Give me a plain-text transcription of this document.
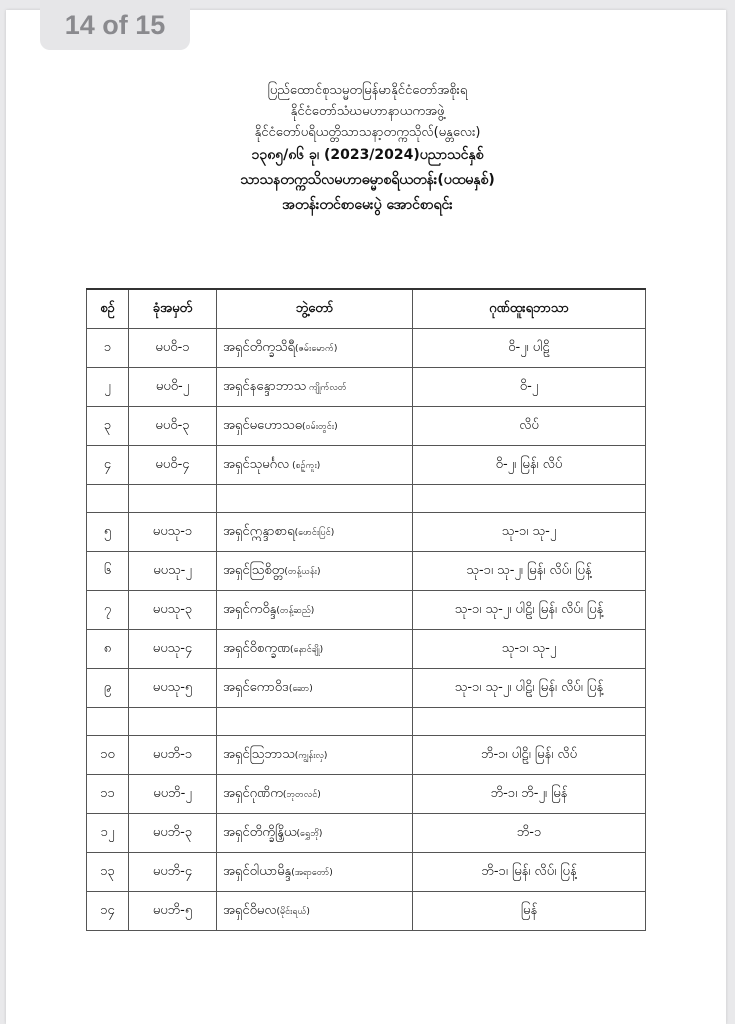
14 of 15
ပြည်ထောင်စုသမ္မတမြန်မာနိုင်ငံတော်အစိုးရ
နိုင်ငံတော်သံဃမဟာနာယကအဖွဲ့
နိုင်ငံတော်ပရိယတ္တိသာသနာ့တက္ကသိုလ်(မန္တလေး)
၁၃၈၅/၈၆ ခု၊ (2023/2024)ပညာသင်နှစ်
သာသနတက္ကသိလမဟာဓမ္မာစရိယတန်း(ပထမနှစ်)
အတန်းတင်စာမေးပွဲ အောင်စာရင်း
စဉ်	ခုံအမှတ်	ဘွဲ့တော်	ဂုဏ်ထူးရဘာသာ
၁	မပဝိ-၁	အရှင်တိက္ခသိရီ(ဇမ်းမောက်)	ဝိ-၂၊ ပါဠိ
၂	မပဝိ-၂	အရှင်နန္ဒောဘာသ ကျိုက်လတ်	ဝိ-၂
၃	မပဝိ-၃	အရှင်မဟောသဓ(ဝမ်းတွင်း)	လိပ်
၄	မပဝိ-၄	အရှင်သုမင်္ဂလ (စဥ့်ကူး)	ဝိ-၂၊ မြန်၊ လိပ်

၅	မပသု-၁	အရှင်ဣန္ဒာစာရ(ဖောင်းပြင်)	သု-၁၊ သု-၂
၆	မပသု-၂	အရှင်ဩစိတ္တ(တန့်ယန်း)	သု-၁၊ သု-၂၊ မြန်၊ လိပ်၊ ပြန့်
၇	မပသု-၃	အရှင်ကဝိန္ဒ(တန့်ဆည်)	သု-၁၊ သု-၂၊ ပါဠိ၊ မြန်၊ လိပ်၊ ပြန့်
၈	မပသု-၄	အရှင်ဝိစက္ခဏ(နောင်ချို)	သု-၁၊ သု-၂
၉	မပသု-၅	အရှင်ကောဝိဒ(ဆော)	သု-၁၊ သု-၂၊ ပါဠိ၊ မြန်၊ လိပ်၊ ပြန့်

၁၀	မပဘိ-၁	အရှင်ဩဘာသ(ကျွန်းလှ)	ဘိ-၁၊ ပါဠိ၊ မြန်၊ လိပ်
၁၁	မပဘိ-၂	အရှင်ဂုဏိက(ဘုတလင်)	ဘိ-၁၊ ဘိ-၂၊ မြန်
၁၂	မပဘိ-၃	အရှင်တိက္ခိန္ဒြိယ(ရွှေဘို)	ဘိ-၁
၁၃	မပဘိ-၄	အရှင်ဝါယာမိန္ဒ(အရာတော်)	ဘိ-၁၊ မြန်၊ လိပ်၊ ပြန့်
၁၄	မပဘိ-၅	အရှင်ဝိမလ(မိုင်းရယ်)	မြန်
